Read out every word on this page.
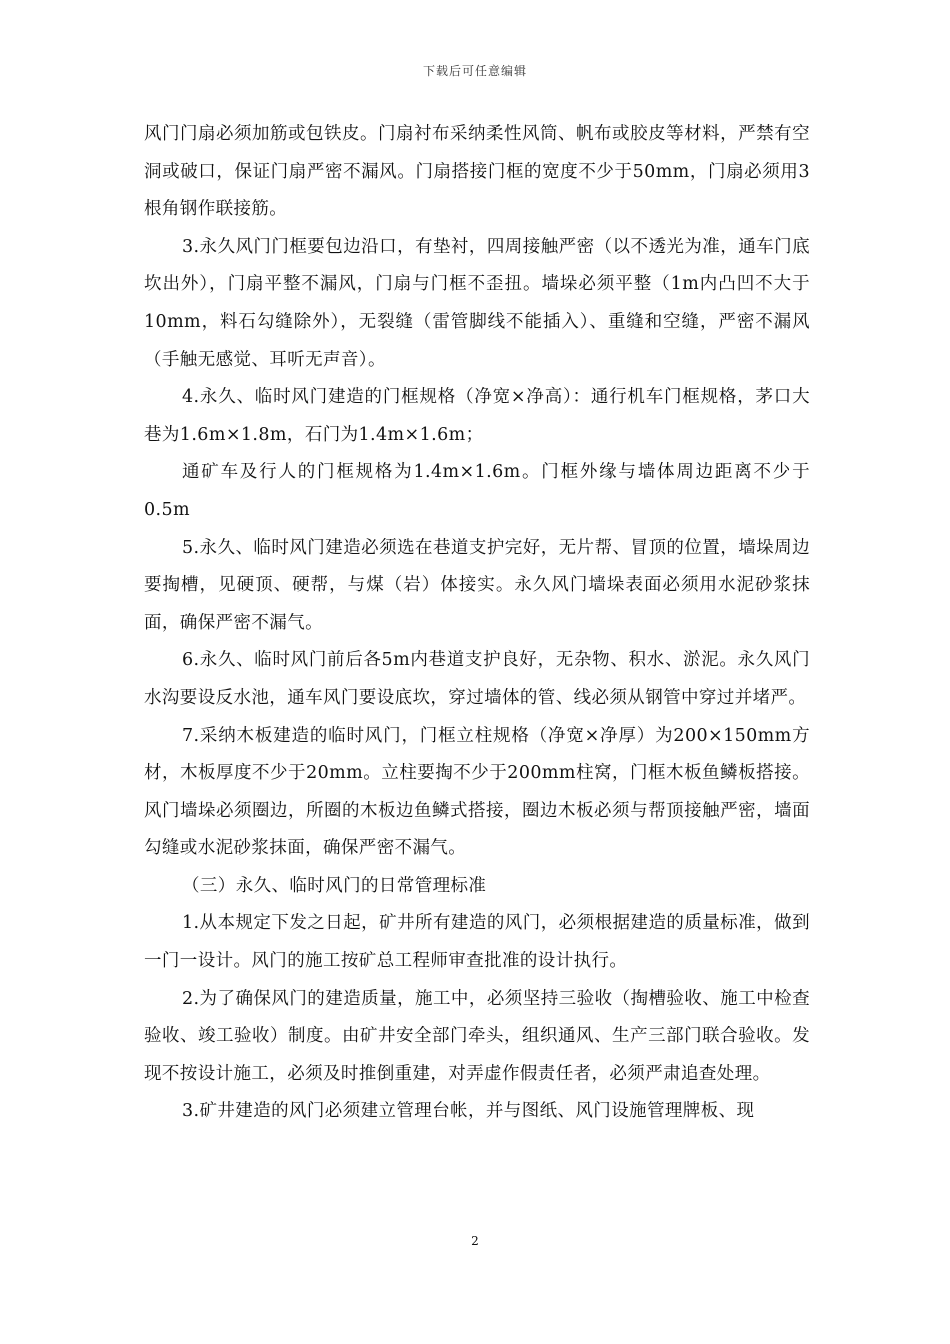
下载后可任意编辑

风门门扇必须加筋或包铁皮。门扇衬布采纳柔性风筒、帆布或胶皮等材料，严禁有空洞或破口，保证门扇严密不漏风。门扇搭接门框的宽度不少于50mm，门扇必须用3根角钢作联接筋。

3.永久风门门框要包边沿口，有垫衬，四周接触严密（以不透光为准，通车门底坎出外），门扇平整不漏风，门扇与门框不歪扭。墙垛必须平整（1m内凸凹不大于10mm，料石勾缝除外），无裂缝（雷管脚线不能插入）、重缝和空缝，严密不漏风（手触无感觉、耳听无声音）。

4.永久、临时风门建造的门框规格（净宽×净高）：通行机车门框规格，茅口大巷为1.6m×1.8m，石门为1.4m×1.6m；

通矿车及行人的门框规格为1.4m×1.6m。门框外缘与墙体周边距离不少于0.5m

5.永久、临时风门建造必须选在巷道支护完好，无片帮、冒顶的位置，墙垛周边要掏槽，见硬顶、硬帮，与煤（岩）体接实。永久风门墙垛表面必须用水泥砂浆抹面，确保严密不漏气。

6.永久、临时风门前后各5m内巷道支护良好，无杂物、积水、淤泥。永久风门水沟要设反水池，通车风门要设底坎，穿过墙体的管、线必须从钢管中穿过并堵严。

7.采纳木板建造的临时风门，门框立柱规格（净宽×净厚）为200×150mm方材，木板厚度不少于20mm。立柱要掏不少于200mm柱窝，门框木板鱼鳞板搭接。风门墙垛必须圈边，所圈的木板边鱼鳞式搭接，圈边木板必须与帮顶接触严密，墙面勾缝或水泥砂浆抹面，确保严密不漏气。

（三）永久、临时风门的日常管理标准

1.从本规定下发之日起，矿井所有建造的风门，必须根据建造的质量标准，做到一门一设计。风门的施工按矿总工程师审查批准的设计执行。

2.为了确保风门的建造质量，施工中，必须坚持三验收（掏槽验收、施工中检查验收、竣工验收）制度。由矿井安全部门牵头，组织通风、生产三部门联合验收。发现不按设计施工，必须及时推倒重建，对弄虚作假责任者，必须严肃追查处理。

3.矿井建造的风门必须建立管理台帐，并与图纸、风门设施管理牌板、现

2
